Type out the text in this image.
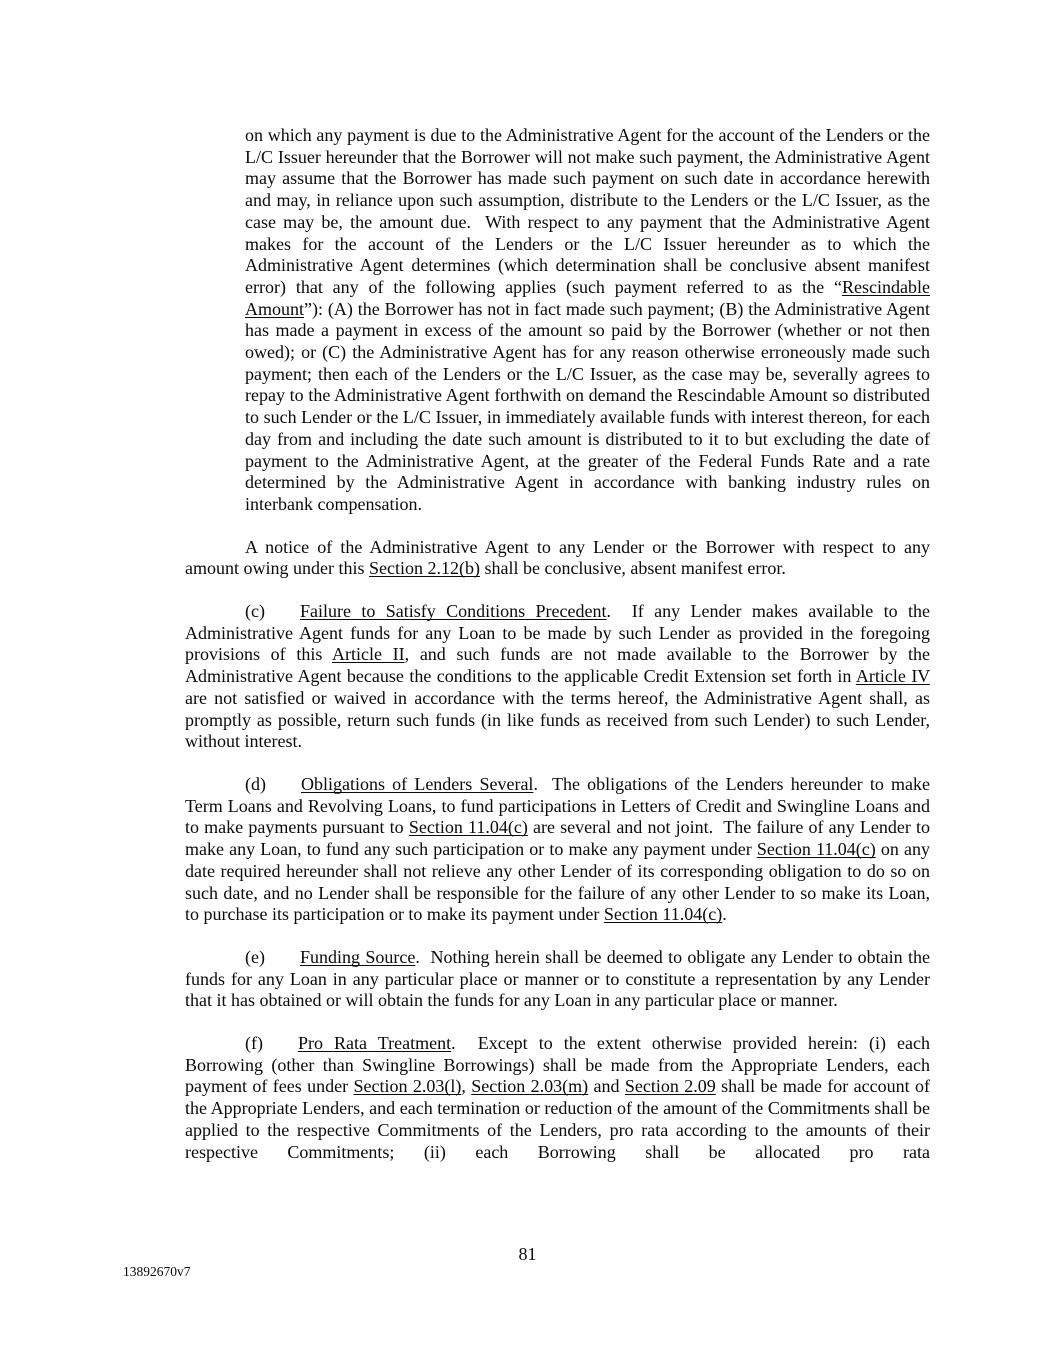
on which any payment is due to the Administrative Agent for the account of the Lenders or the L/C Issuer hereunder that the Borrower will not make such payment, the Administrative Agent may assume that the Borrower has made such payment on such date in accordance herewith and may, in reliance upon such assumption, distribute to the Lenders or the L/C Issuer, as the case may be, the amount due.  With respect to any payment that the Administrative Agent makes for the account of the Lenders or the L/C Issuer hereunder as to which the Administrative Agent determines (which determination shall be conclusive absent manifest error) that any of the following applies (such payment referred to as the “Rescindable Amount”): (A) the Borrower has not in fact made such payment; (B) the Administrative Agent has made a payment in excess of the amount so paid by the Borrower (whether or not then owed); or (C) the Administrative Agent has for any reason otherwise erroneously made such payment; then each of the Lenders or the L/C Issuer, as the case may be, severally agrees to repay to the Administrative Agent forthwith on demand the Rescindable Amount so distributed to such Lender or the L/C Issuer, in immediately available funds with interest thereon, for each day from and including the date such amount is distributed to it to but excluding the date of payment to the Administrative Agent, at the greater of the Federal Funds Rate and a rate determined by the Administrative Agent in accordance with banking industry rules on interbank compensation.

A notice of the Administrative Agent to any Lender or the Borrower with respect to any amount owing under this Section 2.12(b) shall be conclusive, absent manifest error.

(c) Failure to Satisfy Conditions Precedent.  If any Lender makes available to the Administrative Agent funds for any Loan to be made by such Lender as provided in the foregoing provisions of this Article II, and such funds are not made available to the Borrower by the Administrative Agent because the conditions to the applicable Credit Extension set forth in Article IV are not satisfied or waived in accordance with the terms hereof, the Administrative Agent shall, as promptly as possible, return such funds (in like funds as received from such Lender) to such Lender, without interest.

(d) Obligations of Lenders Several.  The obligations of the Lenders hereunder to make Term Loans and Revolving Loans, to fund participations in Letters of Credit and Swingline Loans and to make payments pursuant to Section 11.04(c) are several and not joint.  The failure of any Lender to make any Loan, to fund any such participation or to make any payment under Section 11.04(c) on any date required hereunder shall not relieve any other Lender of its corresponding obligation to do so on such date, and no Lender shall be responsible for the failure of any other Lender to so make its Loan, to purchase its participation or to make its payment under Section 11.04(c).

(e) Funding Source.  Nothing herein shall be deemed to obligate any Lender to obtain the funds for any Loan in any particular place or manner or to constitute a representation by any Lender that it has obtained or will obtain the funds for any Loan in any particular place or manner.

(f) Pro Rata Treatment.  Except to the extent otherwise provided herein: (i) each Borrowing (other than Swingline Borrowings) shall be made from the Appropriate Lenders, each payment of fees under Section 2.03(l), Section 2.03(m) and Section 2.09 shall be made for account of the Appropriate Lenders, and each termination or reduction of the amount of the Commitments shall be applied to the respective Commitments of the Lenders, pro rata according to the amounts of their respective Commitments; (ii) each Borrowing shall be allocated pro rata

81
13892670v7
